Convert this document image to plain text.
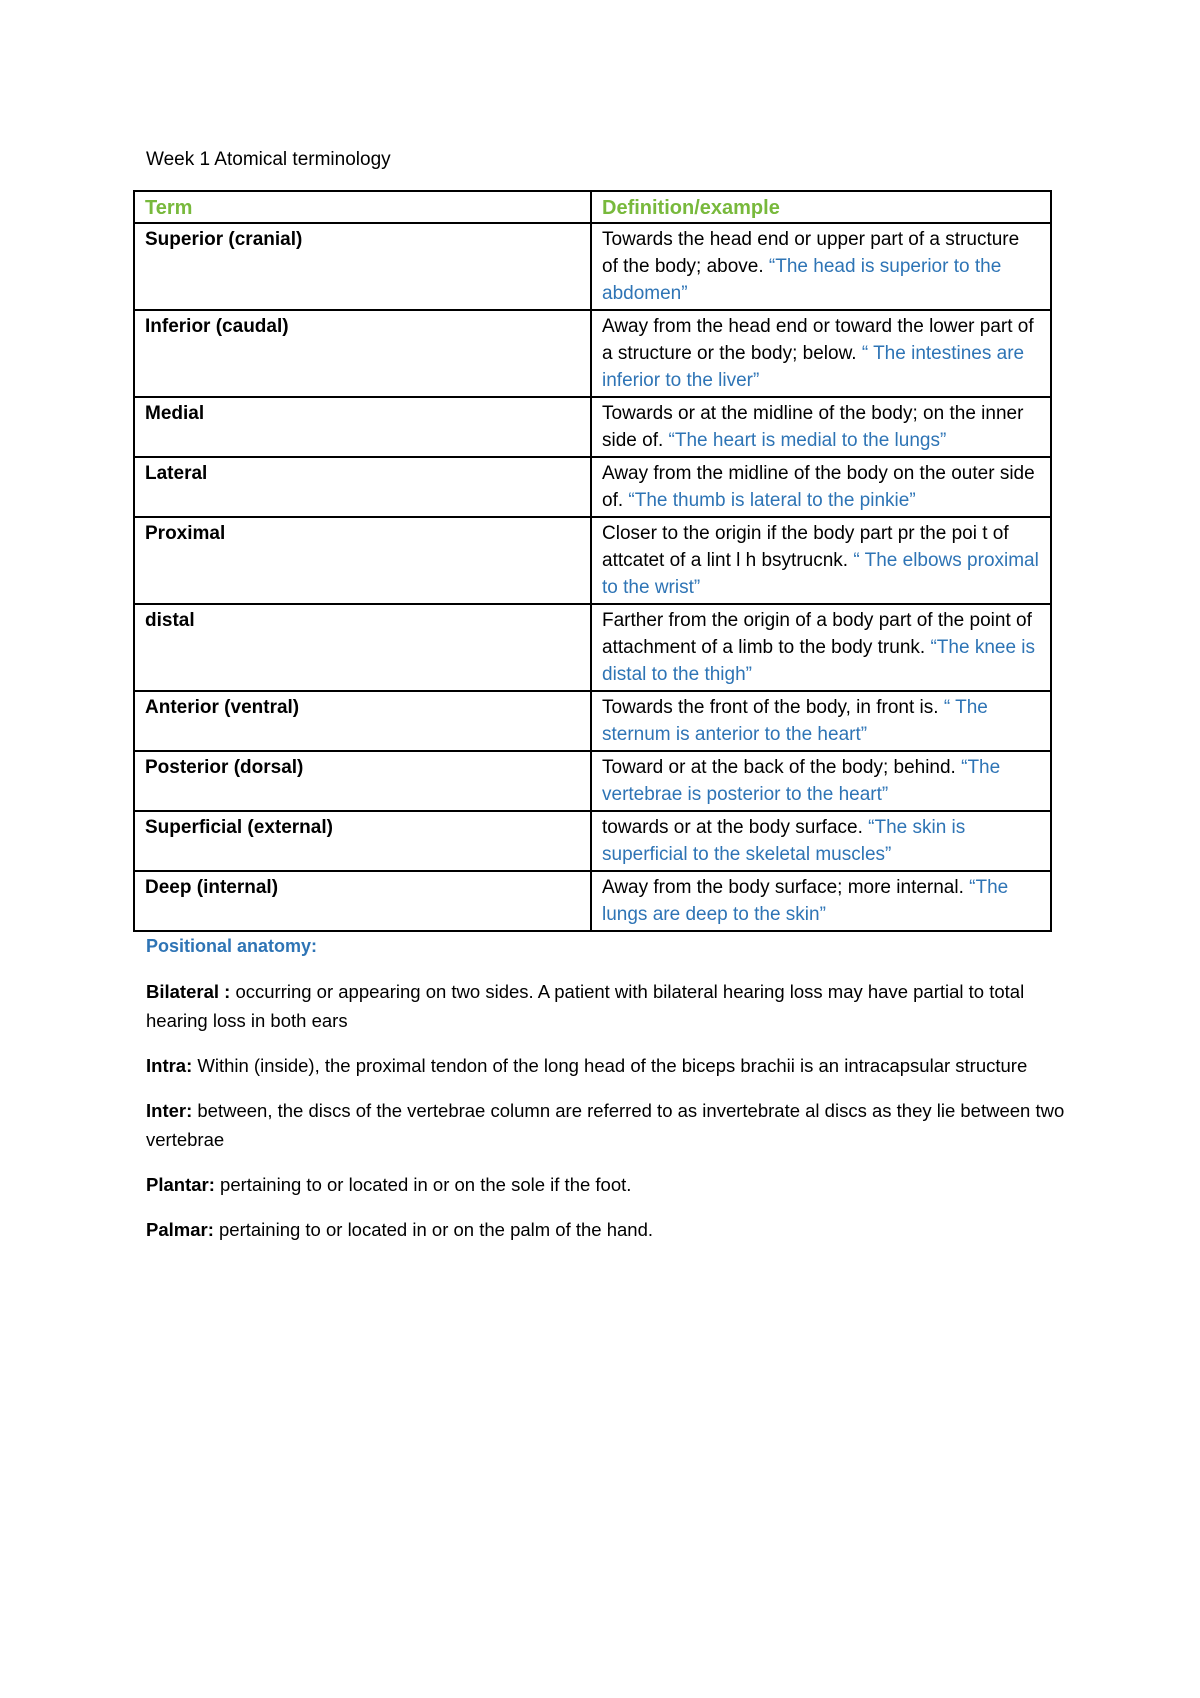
Week 1 Atomical terminology
Term	Definition/example
Superior (cranial)	Towards the head end or upper part of a structure of the body; above. “The head is superior to the abdomen”
Inferior (caudal)	Away from the head end or toward the lower part of a structure or the body; below. “ The intestines are inferior to the liver”
Medial	Towards or at the midline of the body; on the inner side of. “The heart is medial to the lungs”
Lateral	Away from the midline of the body on the outer side of. “The thumb is lateral to the pinkie”
Proximal	Closer to the origin if the body part pr the poi t of attcatet of a lint l h bsytrucnk. “ The elbows proximal to the wrist”
distal	Farther from the origin of a body part of the point of attachment of a limb to the body trunk. “The knee is distal to the thigh”
Anterior (ventral)	Towards the front of the body, in front is. “ The sternum is anterior to the heart”
Posterior (dorsal)	Toward or at the back of the body; behind. “The vertebrae is posterior to the heart”
Superficial (external)	towards or at the body surface. “The skin is superficial to the skeletal muscles”
Deep (internal)	Away from the body surface; more internal. “The lungs are deep to the skin”
Positional anatomy:

Bilateral : occurring or appearing on two sides. A patient with bilateral hearing loss may have partial to total hearing loss in both ears

Intra: Within (inside), the proximal tendon of the long head of the biceps brachii is an intracapsular structure

Inter: between, the discs of the vertebrae column are referred to as invertebrate al discs as they lie between two vertebrae

Plantar: pertaining to or located in or on the sole if the foot.

Palmar: pertaining to or located in or on the palm of the hand.
